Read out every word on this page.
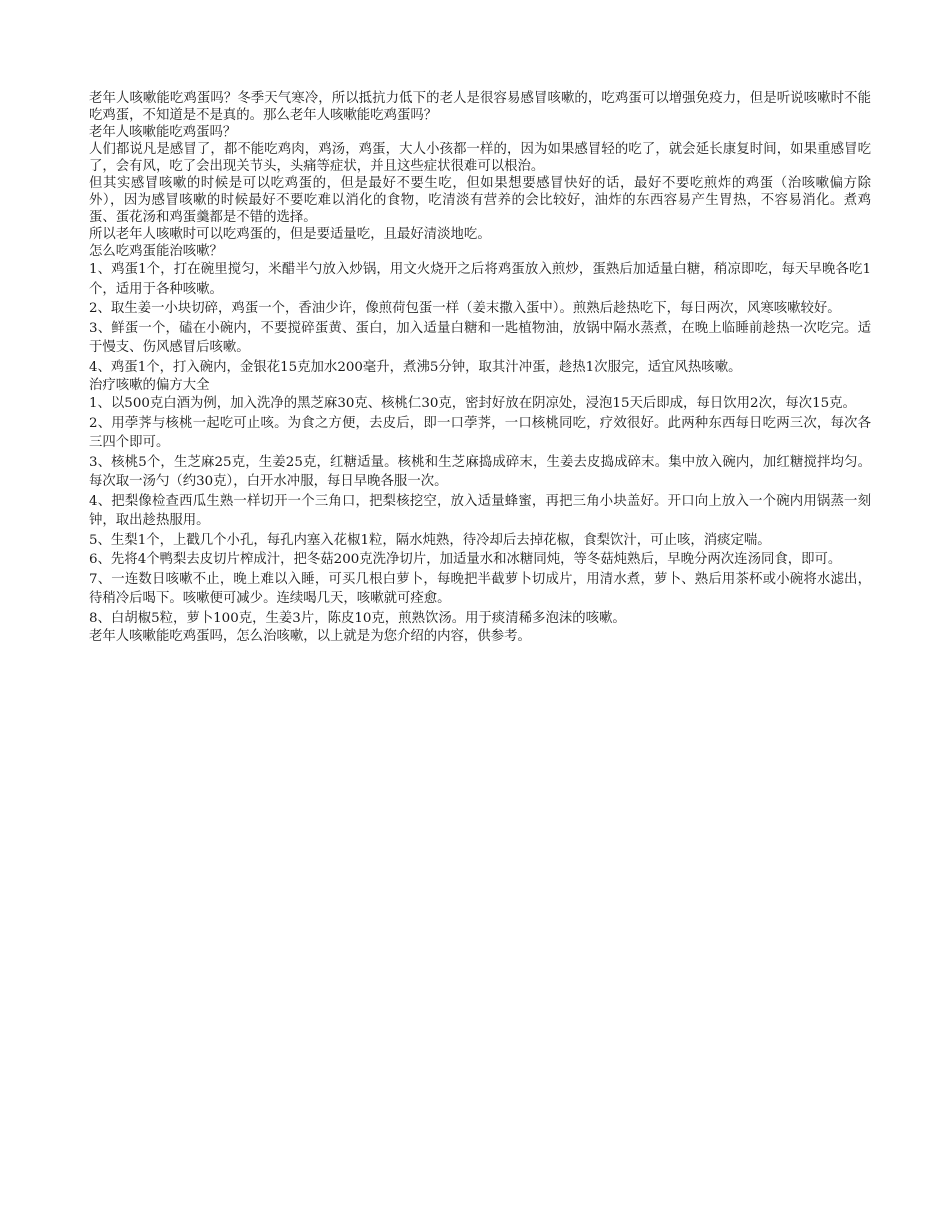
老年人咳嗽能吃鸡蛋吗？冬季天气寒冷，所以抵抗力低下的老人是很容易感冒咳嗽的，吃鸡蛋可以增强免疫力，但是听说咳嗽时不能吃鸡蛋，不知道是不是真的。那么老年人咳嗽能吃鸡蛋吗？

老年人咳嗽能吃鸡蛋吗？

人们都说凡是感冒了，都不能吃鸡肉，鸡汤，鸡蛋，大人小孩都一样的，因为如果感冒轻的吃了，就会延长康复时间，如果重感冒吃了，会有风，吃了会出现关节头，头痛等症状，并且这些症状很难可以根治。

但其实感冒咳嗽的时候是可以吃鸡蛋的，但是最好不要生吃，但如果想要感冒快好的话，最好不要吃煎炸的鸡蛋（治咳嗽偏方除外），因为感冒咳嗽的时候最好不要吃难以消化的食物，吃清淡有营养的会比较好，油炸的东西容易产生胃热，不容易消化。煮鸡蛋、蛋花汤和鸡蛋羹都是不错的选择。

所以老年人咳嗽时可以吃鸡蛋的，但是要适量吃，且最好清淡地吃。

怎么吃鸡蛋能治咳嗽？

1、鸡蛋1个，打在碗里搅匀，米醋半勺放入炒锅，用文火烧开之后将鸡蛋放入煎炒，蛋熟后加适量白糖，稍凉即吃，每天早晚各吃1个，适用于各种咳嗽。

2、取生姜一小块切碎，鸡蛋一个，香油少许，像煎荷包蛋一样（姜末撒入蛋中）。煎熟后趁热吃下，每日两次，风寒咳嗽较好。

3、鲜蛋一个，磕在小碗内，不要搅碎蛋黄、蛋白，加入适量白糖和一匙植物油，放锅中隔水蒸煮，在晚上临睡前趁热一次吃完。适于慢支、伤风感冒后咳嗽。

4、鸡蛋1个，打入碗内，金银花15克加水200毫升，煮沸5分钟，取其汁冲蛋，趁热1次服完，适宜风热咳嗽。

治疗咳嗽的偏方大全

1、以500克白酒为例，加入洗净的黑芝麻30克、核桃仁30克，密封好放在阴凉处，浸泡15天后即成，每日饮用2次，每次15克。

2、用荸荠与核桃一起吃可止咳。为食之方便，去皮后，即一口荸荠，一口核桃同吃，疗效很好。此两种东西每日吃两三次，每次各三四个即可。

3、核桃5个，生芝麻25克，生姜25克，红糖适量。核桃和生芝麻捣成碎末，生姜去皮捣成碎末。集中放入碗内，加红糖搅拌均匀。每次取一汤勺（约30克），白开水冲服，每日早晚各服一次。

4、把梨像检查西瓜生熟一样切开一个三角口，把梨核挖空，放入适量蜂蜜，再把三角小块盖好。开口向上放入一个碗内用锅蒸一刻钟，取出趁热服用。

5、生梨1个，上戳几个小孔，每孔内塞入花椒1粒，隔水炖熟，待冷却后去掉花椒，食梨饮汁，可止咳，消痰定喘。

6、先将4个鸭梨去皮切片榨成汁，把冬菇200克洗净切片，加适量水和冰糖同炖，等冬菇炖熟后，早晚分两次连汤同食，即可。

7、一连数日咳嗽不止，晚上难以入睡，可买几根白萝卜，每晚把半截萝卜切成片，用清水煮，萝卜、熟后用茶杯或小碗将水滤出，待稍冷后喝下。咳嗽便可减少。连续喝几天，咳嗽就可痊愈。

8、白胡椒5粒，萝卜100克，生姜3片，陈皮10克，煎熟饮汤。用于痰清稀多泡沫的咳嗽。

老年人咳嗽能吃鸡蛋吗，怎么治咳嗽，以上就是为您介绍的内容，供参考。
